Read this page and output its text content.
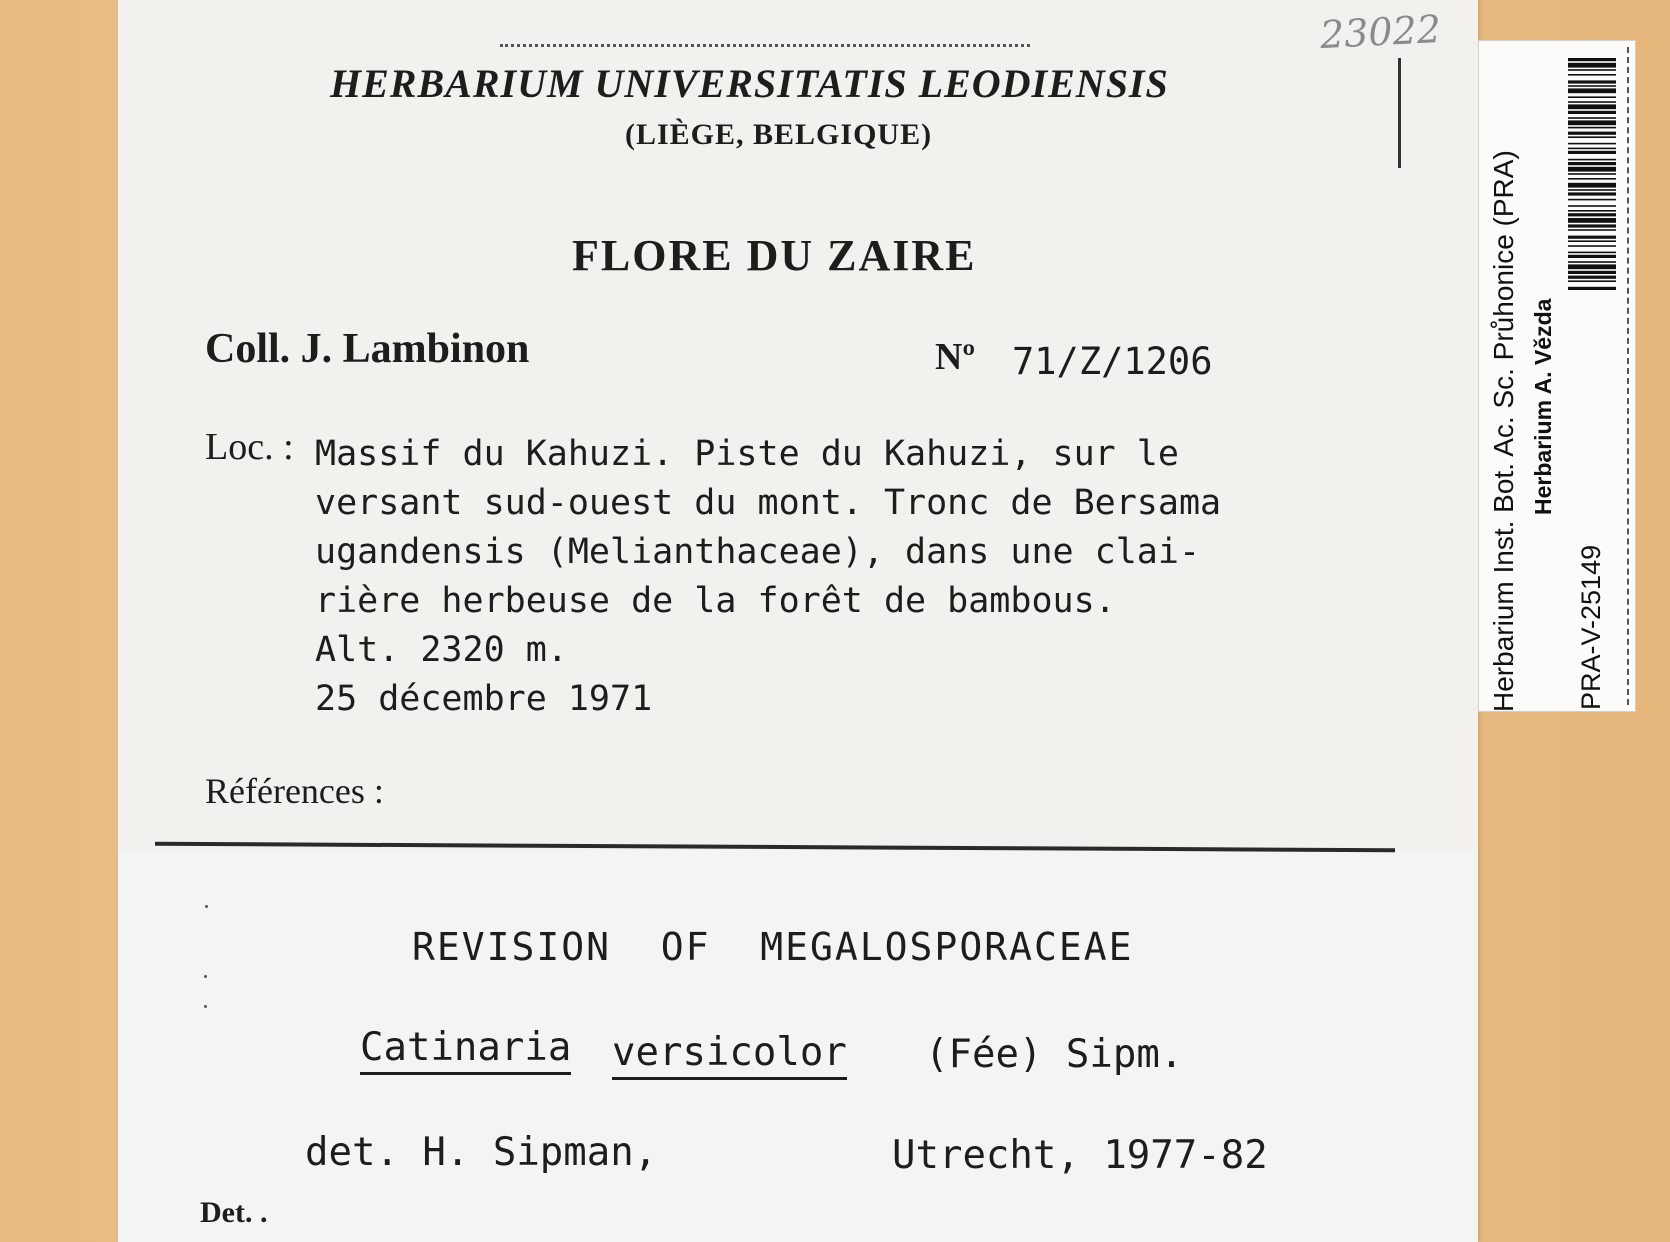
23022
HERBARIUM UNIVERSITATIS LEODIENSIS
(LIÈGE, BELGIQUE)
FLORE DU ZAIRE
Coll. J. Lambinon	Nº 71/Z/1206
Loc. : Massif du Kahuzi. Piste du Kahuzi, sur le
versant sud-ouest du mont. Tronc de Bersama
ugandensis (Melianthaceae), dans une clai-
rière herbeuse de la forêt de bambous.
Alt. 2320 m.
25 décembre 1971
Références :
REVISION  OF  MEGALOSPORACEAE
Catinaria versicolor (Fée) Sipm.
det. H. Sipman,	Utrecht, 1977-82
Det. .
Herbarium Inst. Bot. Ac. Sc. Průhonice (PRA) Herbarium A. Vězda
PRA-V-25149
